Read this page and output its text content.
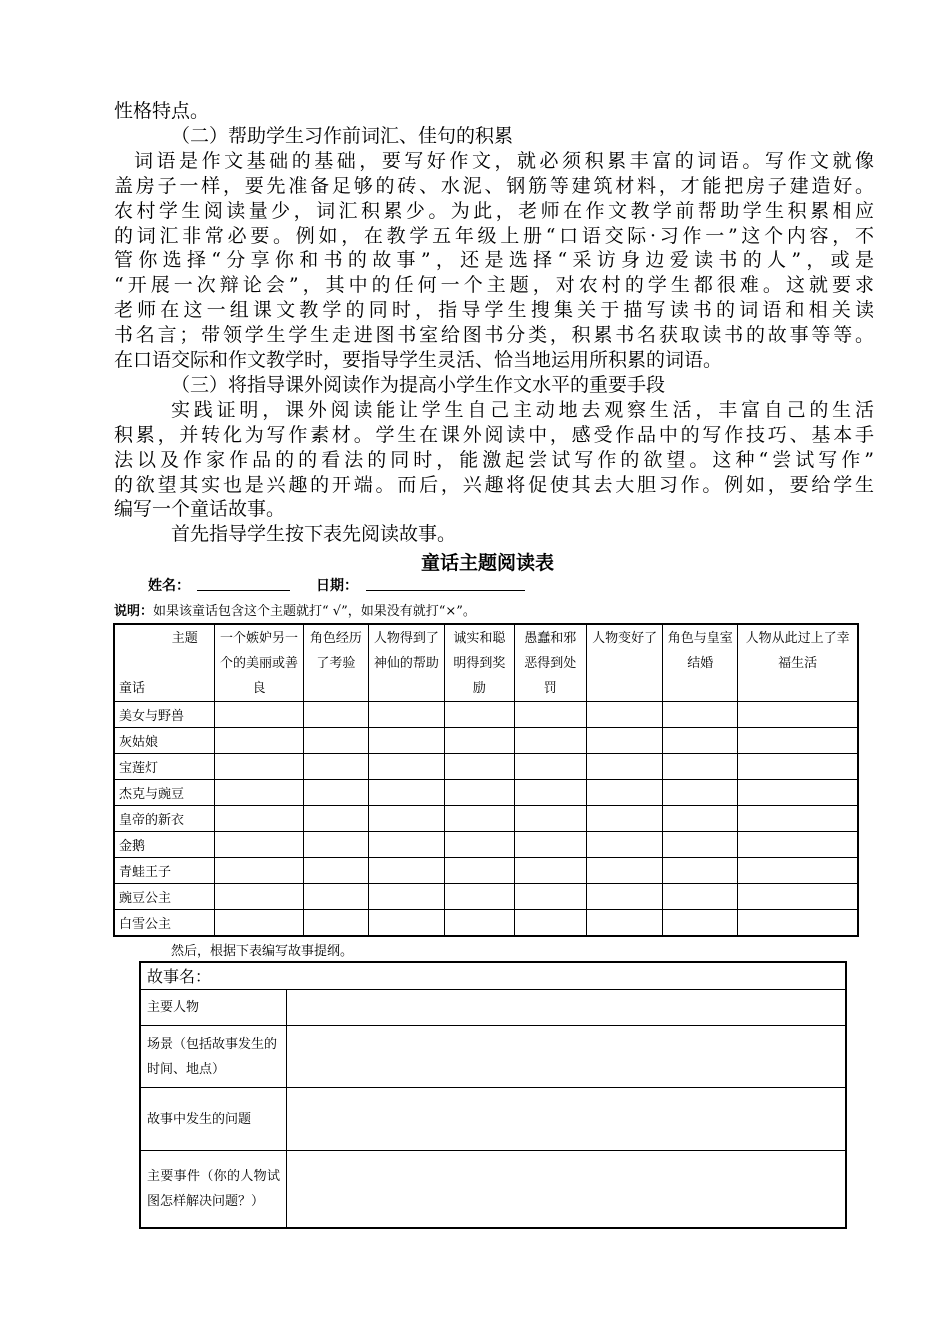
性格特点。
（二）帮助学生习作前词汇、佳句的积累
词语是作文基础的基础，要写好作文，就必须积累丰富的词语。写作文就像
盖房子一样，要先准备足够的砖、水泥、钢筋等建筑材料，才能把房子建造好。
农村学生阅读量少，词汇积累少。为此，老师在作文教学前帮助学生积累相应
的词汇非常必要。例如，在教学五年级上册“口语交际·习作一”这个内容，不
管你选择“分享你和书的故事”，还是选择“采访身边爱读书的人”，或是
“开展一次辩论会”，其中的任何一个主题，对农村的学生都很难。这就要求
老师在这一组课文教学的同时，指导学生搜集关于描写读书的词语和相关读
书名言；带领学生学生走进图书室给图书分类，积累书名获取读书的故事等等。
在口语交际和作文教学时，要指导学生灵活、恰当地运用所积累的词语。
（三）将指导课外阅读作为提高小学生作文水平的重要手段
实践证明，课外阅读能让学生自己主动地去观察生活，丰富自己的生活
积累，并转化为写作素材。学生在课外阅读中，感受作品中的写作技巧、基本手
法以及作家作品的的看法的同时，能激起尝试写作的欲望。这种“尝试写作”
的欲望其实也是兴趣的开端。而后，兴趣将促使其去大胆习作。例如，要给学生
编写一个童话故事。
首先指导学生按下表先阅读故事。
童话主题阅读表
姓名：	日期：
说明：如果该童话包含这个主题就打“ √”，如果没有就打“×”。
主题
童话	一个嫉妒另一个的美丽或善良	角色经历了考验	人物得到了神仙的帮助	诚实和聪明得到奖励	愚蠢和邪恶得到处罚	人物变好了	角色与皇室结婚	人物从此过上了幸福生活
美女与野兽								
灰姑娘								
宝莲灯								
杰克与豌豆								
皇帝的新衣								
金鹅								
青蛙王子								
豌豆公主								
白雪公主								
然后，根据下表编写故事提纲。
故事名：	
主要人物	
场景（包括故事发生的时间、地点）	
故事中发生的问题	
主要事件（你的人物试图怎样解决问题？）	
